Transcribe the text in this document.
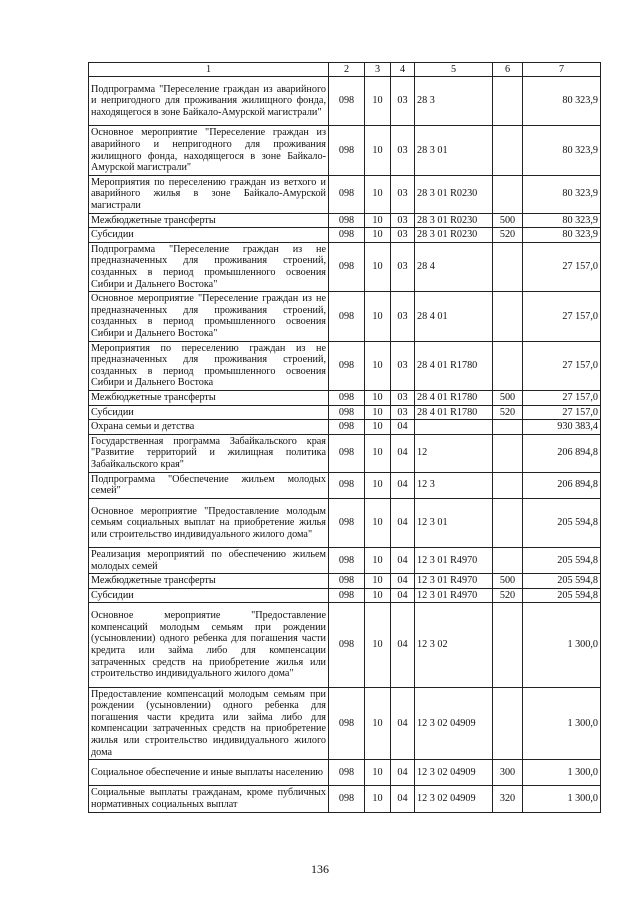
1	2	3	4	5	6	7
Подпрограмма "Переселение граждан из аварийного и непригодного для проживания жилищного фонда, находящегося в зоне Байкало-Амурской магистрали"	098	10	03	28 3		80 323,9
Основное мероприятие "Переселение граждан из аварийного и непригодного для проживания жилищного фонда, находящегося в зоне Байкало-Амурской магистрали"	098	10	03	28 3 01		80 323,9
Мероприятия по переселению граждан из ветхого и аварийного жилья в зоне Байкало-Амурской магистрали	098	10	03	28 3 01 R0230		80 323,9
Межбюджетные трансферты	098	10	03	28 3 01 R0230	500	80 323,9
Субсидии	098	10	03	28 3 01 R0230	520	80 323,9
Подпрограмма "Переселение граждан из не предназначенных для проживания строений, созданных в период промышленного освоения Сибири и Дальнего Востока"	098	10	03	28 4		27 157,0
Основное мероприятие "Переселение граждан из не предназначенных для проживания строений, созданных в период промышленного освоения Сибири и Дальнего Востока"	098	10	03	28 4 01		27 157,0
Мероприятия по переселению граждан из не предназначенных для проживания строений, созданных в период промышленного освоения Сибири и Дальнего Востока	098	10	03	28 4 01 R1780		27 157,0
Межбюджетные трансферты	098	10	03	28 4 01 R1780	500	27 157,0
Субсидии	098	10	03	28 4 01 R1780	520	27 157,0
Охрана семьи и детства	098	10	04			930 383,4
Государственная программа Забайкальского края "Развитие территорий и жилищная политика Забайкальского края"	098	10	04	12		206 894,8
Подпрограмма "Обеспечение жильем молодых семей"	098	10	04	12 3		206 894,8
Основное мероприятие "Предоставление молодым семьям социальных выплат на приобретение жилья или строительство индивидуального жилого дома"	098	10	04	12 3 01		205 594,8
Реализация мероприятий по обеспечению жильем молодых семей	098	10	04	12 3 01 R4970		205 594,8
Межбюджетные трансферты	098	10	04	12 3 01 R4970	500	205 594,8
Субсидии	098	10	04	12 3 01 R4970	520	205 594,8
Основное мероприятие "Предоставление компенсаций молодым семьям при рождении (усыновлении) одного ребенка для погашения части кредита или займа либо для компенсации затраченных средств на приобретение жилья или строительство индивидуального жилого дома"	098	10	04	12 3 02		1 300,0
Предоставление компенсаций молодым семьям при рождении (усыновлении) одного ребенка для погашения части кредита или займа либо для компенсации затраченных средств на приобретение жилья или строительство индивидуального жилого дома	098	10	04	12 3 02 04909		1 300,0
Социальное обеспечение и иные выплаты населению	098	10	04	12 3 02 04909	300	1 300,0
Социальные выплаты гражданам, кроме публичных нормативных социальных выплат	098	10	04	12 3 02 04909	320	1 300,0
136
